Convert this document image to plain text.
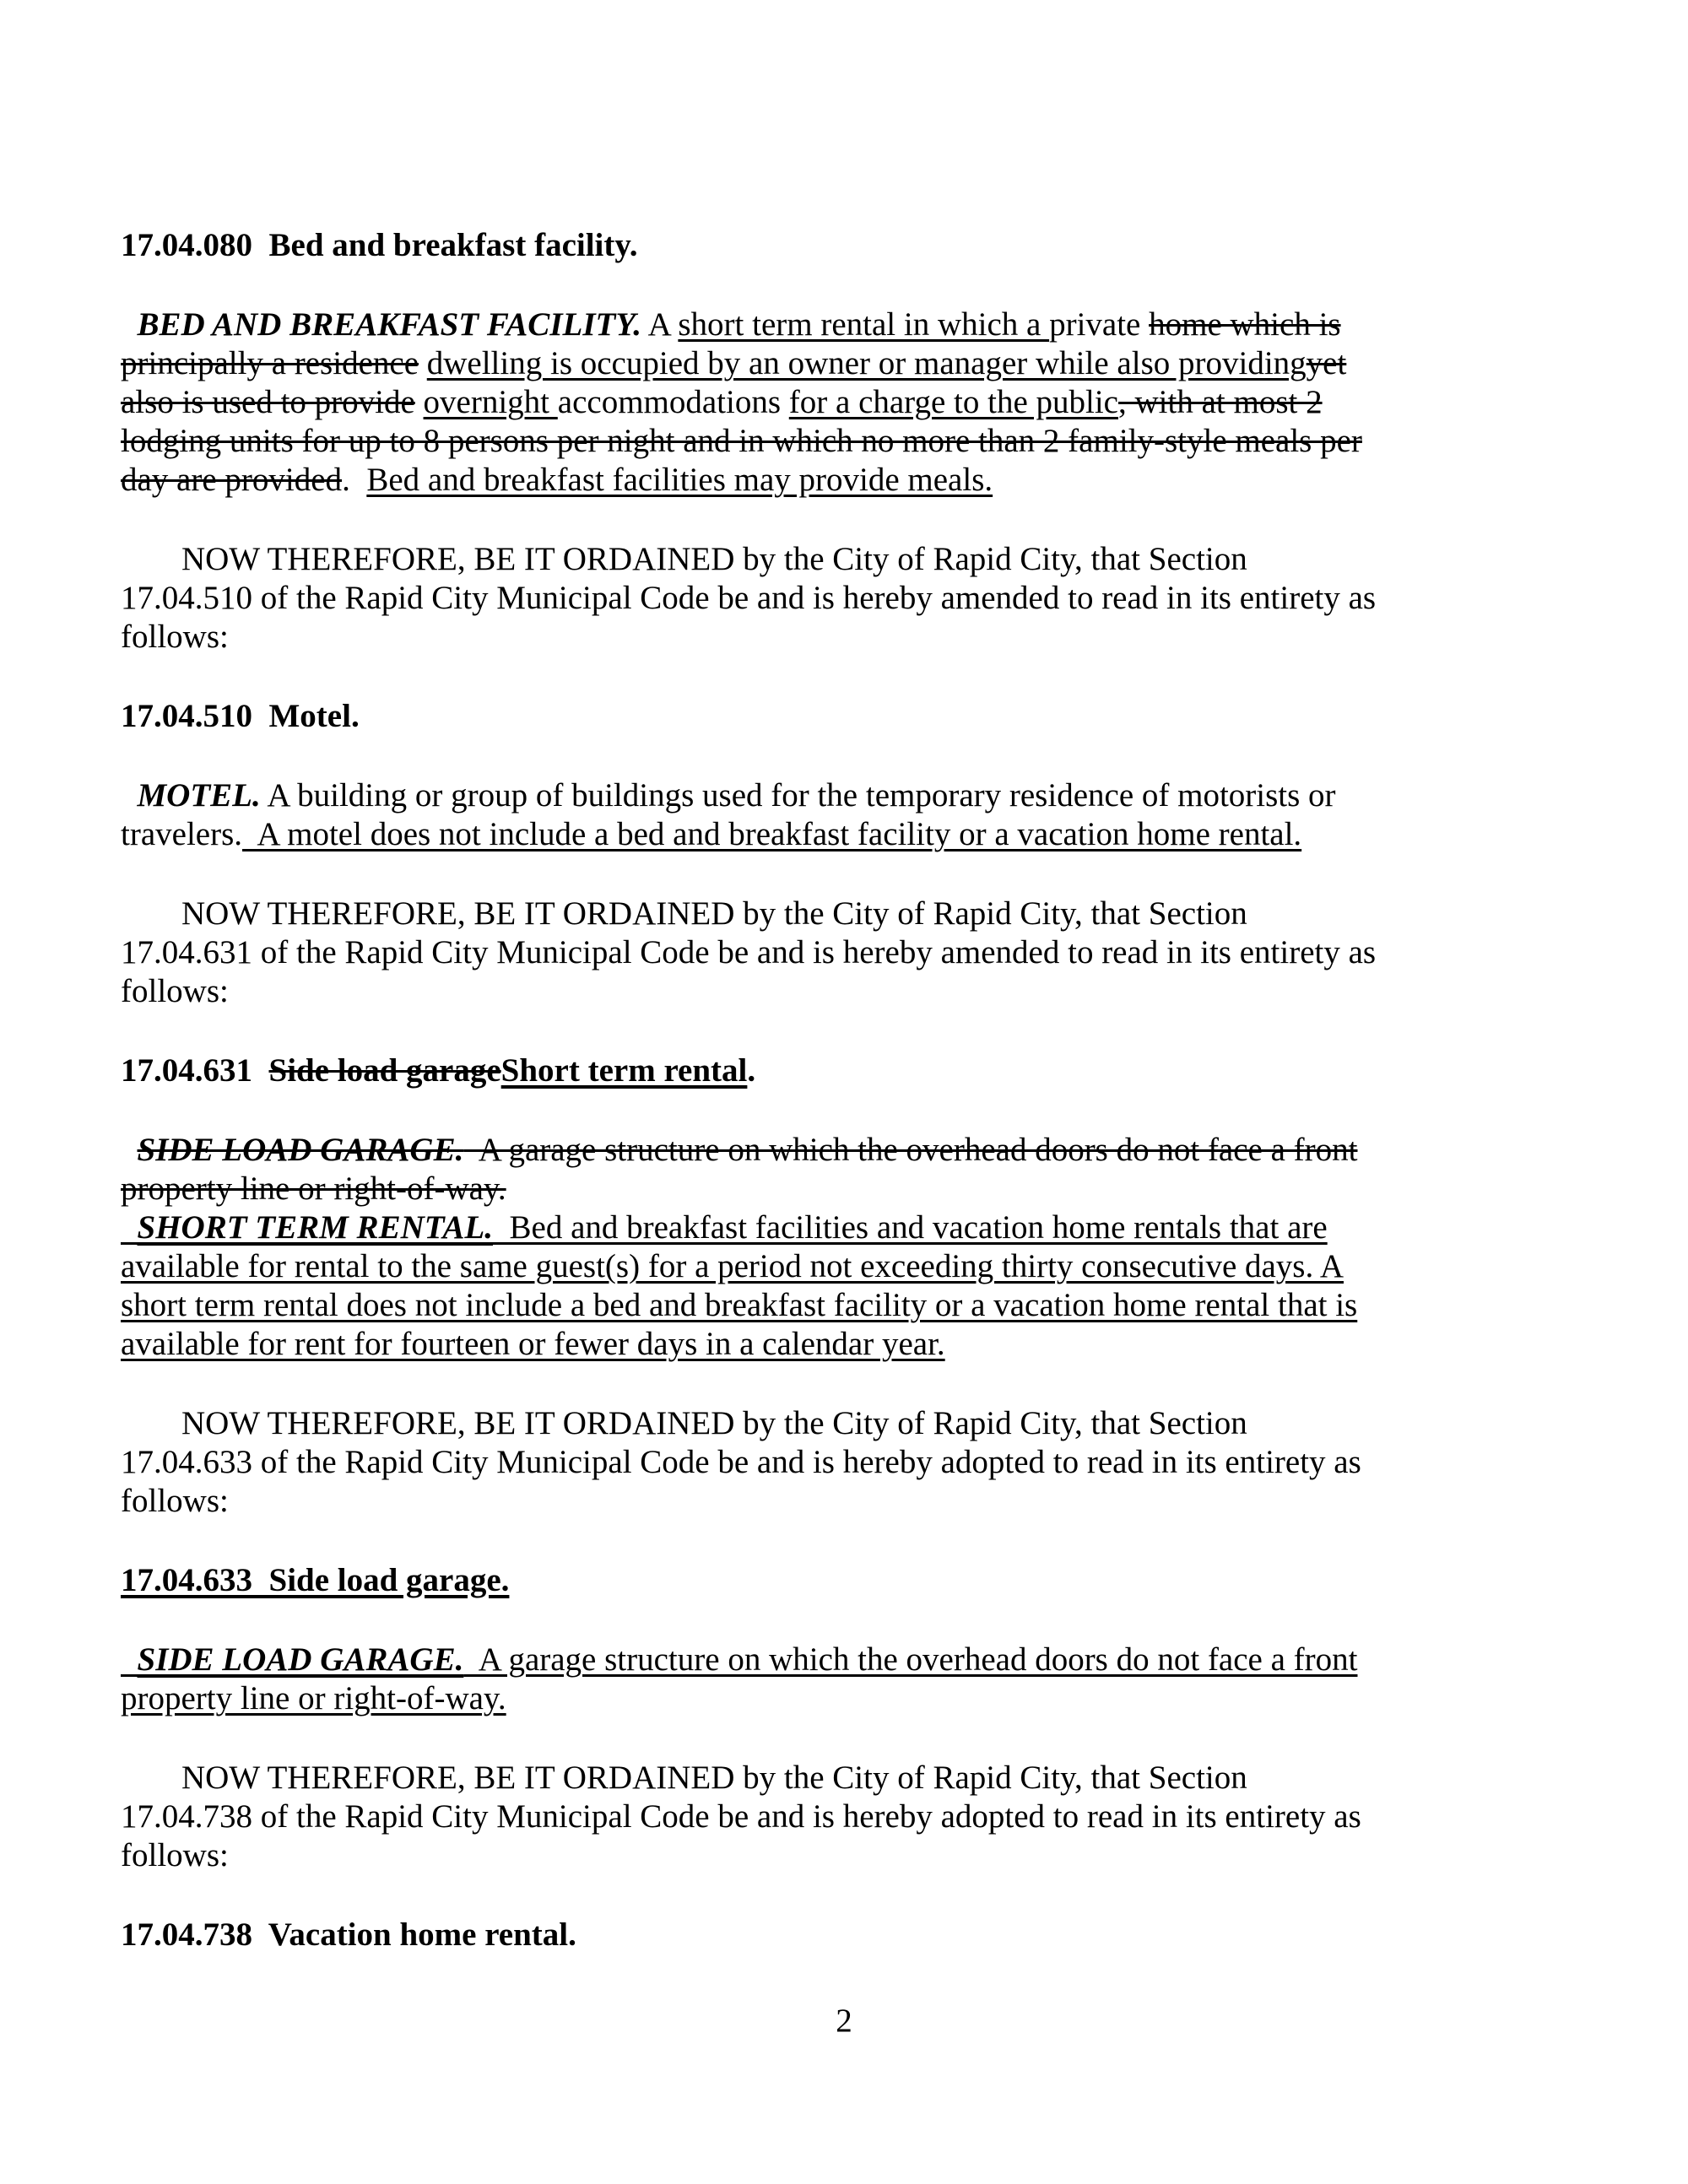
17.04.080  Bed and breakfast facility.

BED AND BREAKFAST FACILITY. A short term rental in which a private home which is
principally a residence dwelling is occupied by an owner or manager while also providingyet
also is used to provide overnight accommodations for a charge to the public, with at most 2
lodging units for up to 8 persons per night and in which no more than 2 family-style meals per
day are provided.  Bed and breakfast facilities may provide meals.

NOW THEREFORE, BE IT ORDAINED by the City of Rapid City, that Section
17.04.510 of the Rapid City Municipal Code be and is hereby amended to read in its entirety as
follows:

17.04.510  Motel.

MOTEL. A building or group of buildings used for the temporary residence of motorists or
travelers.  A motel does not include a bed and breakfast facility or a vacation home rental.

NOW THEREFORE, BE IT ORDAINED by the City of Rapid City, that Section
17.04.631 of the Rapid City Municipal Code be and is hereby amended to read in its entirety as
follows:

17.04.631  Side load garageShort term rental.

SIDE LOAD GARAGE.  A garage structure on which the overhead doors do not face a front
property line or right-of-way.

SHORT TERM RENTAL.  Bed and breakfast facilities and vacation home rentals that are
available for rental to the same guest(s) for a period not exceeding thirty consecutive days. A
short term rental does not include a bed and breakfast facility or a vacation home rental that is
available for rent for fourteen or fewer days in a calendar year.

NOW THEREFORE, BE IT ORDAINED by the City of Rapid City, that Section
17.04.633 of the Rapid City Municipal Code be and is hereby adopted to read in its entirety as
follows:

17.04.633  Side load garage.

SIDE LOAD GARAGE.  A garage structure on which the overhead doors do not face a front
property line or right-of-way.

NOW THEREFORE, BE IT ORDAINED by the City of Rapid City, that Section
17.04.738 of the Rapid City Municipal Code be and is hereby adopted to read in its entirety as
follows:

17.04.738  Vacation home rental.

2
